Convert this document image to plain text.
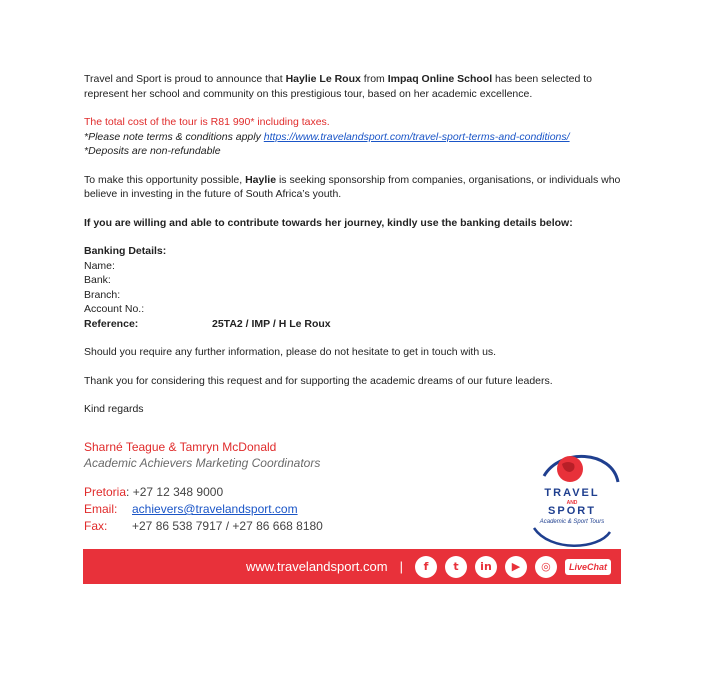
Travel and Sport is proud to announce that Haylie Le Roux from Impaq Online School has been selected to represent her school and community on this prestigious tour, based on her academic excellence.

The total cost of the tour is R81 990* including taxes.

*Please note terms & conditions apply https://www.travelandsport.com/travel-sport-terms-and-conditions/

*Deposits are non-refundable

To make this opportunity possible, Haylie is seeking sponsorship from companies, organisations, or individuals who believe in investing in the future of South Africa’s youth.

If you are willing and able to contribute towards her journey, kindly use the banking details below:

Banking Details:

Name:

Bank:

Branch:

Account No.:

Reference:	25TA2 / IMP / H Le Roux

Should you require any further information, please do not hesitate to get in touch with us.

Thank you for considering this request and for supporting the academic dreams of our future leaders.

Kind regards

Sharné Teague & Tamryn McDonald
Academic Achievers Marketing Coordinators
Pretoria : +27 12 348 9000
Email:	achievers@travelandsport.com
Fax:	+27 86 538 7917 / +27 86 668 8180
TRAVEL
AND
SPORT
Academic & Sport Tours
www.travelandsport.com |	f	t	in	▶	◎	LiveChat
